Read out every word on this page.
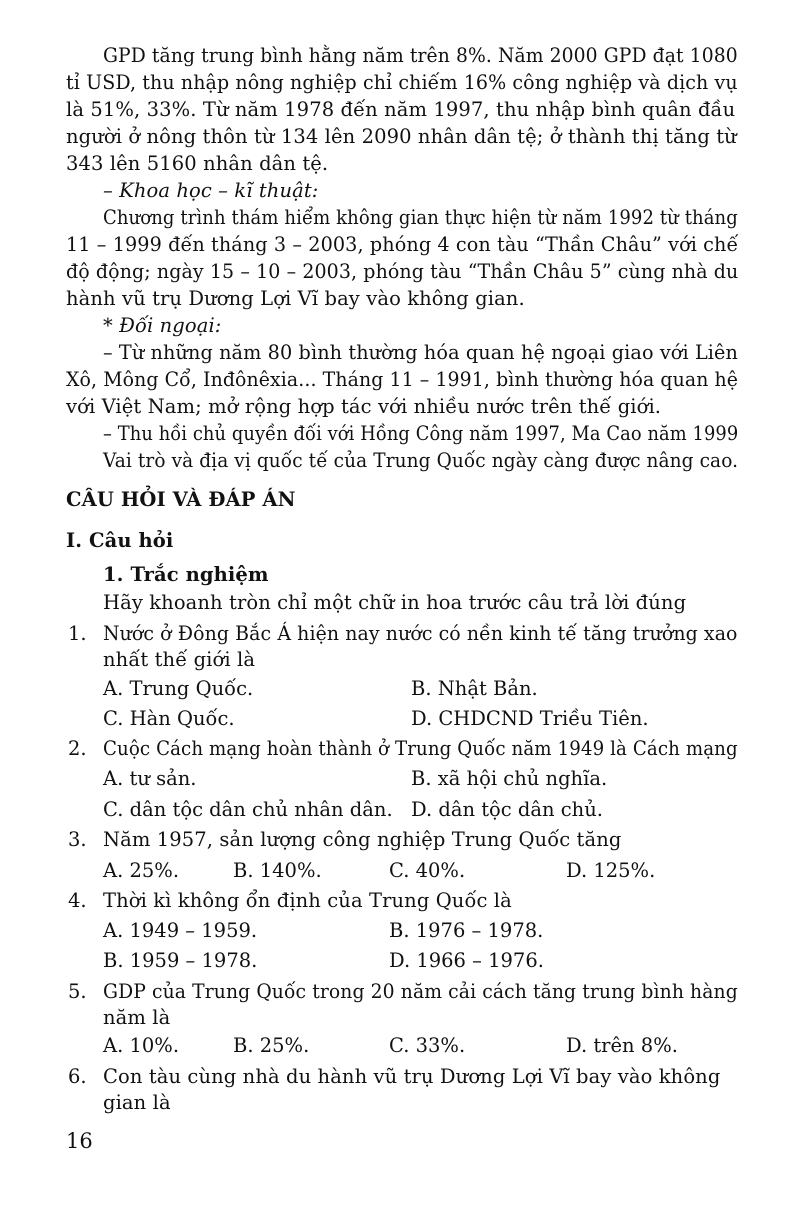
GPD tăng trung bình hằng năm trên 8%. Năm 2000 GPD đạt 1080
tỉ USD, thu nhập nông nghiệp chỉ chiếm 16% công nghiệp và dịch vụ
là 51%, 33%. Từ năm 1978 đến năm 1997, thu nhập bình quân đầu
người ở nông thôn từ 134 lên 2090 nhân dân tệ; ở thành thị tăng từ
343 lên 5160 nhân dân tệ.
– Khoa học – kĩ thuật:
Chương trình thám hiểm không gian thực hiện từ năm 1992 từ tháng
11 – 1999 đến tháng 3 – 2003, phóng 4 con tàu “Thần Châu” với chế
độ động; ngày 15 – 10 – 2003, phóng tàu “Thần Châu 5” cùng nhà du
hành vũ trụ Dương Lợi Vĩ bay vào không gian.
* Đối ngoại:
– Từ những năm 80 bình thường hóa quan hệ ngoại giao với Liên
Xô, Mông Cổ, Inđônêxia... Tháng 11 – 1991, bình thường hóa quan hệ
với Việt Nam; mở rộng hợp tác với nhiều nước trên thế giới.
– Thu hồi chủ quyền đối với Hồng Công năm 1997, Ma Cao năm 1999
Vai trò và địa vị quốc tế của Trung Quốc ngày càng được nâng cao.
CÂU HỎI VÀ ĐÁP ÁN
I. Câu hỏi
1. Trắc nghiệm
Hãy khoanh tròn chỉ một chữ in hoa trước câu trả lời đúng
1. Nước ở Đông Bắc Á hiện nay nước có nền kinh tế tăng trưởng xao
nhất thế giới là
A. Trung Quốc.	B. Nhật Bản.
C. Hàn Quốc.	D. CHDCND Triều Tiên.
2. Cuộc Cách mạng hoàn thành ở Trung Quốc năm 1949 là Cách mạng
A. tư sản.	B. xã hội chủ nghĩa.
C. dân tộc dân chủ nhân dân. D. dân tộc dân chủ.
3. Năm 1957, sản lượng công nghiệp Trung Quốc tăng
A. 25%.	B. 140%.	C. 40%.	D. 125%.
4. Thời kì không ổn định của Trung Quốc là
A. 1949 – 1959.	B. 1976 – 1978.
B. 1959 – 1978.	D. 1966 – 1976.
5. GDP của Trung Quốc trong 20 năm cải cách tăng trung bình hàng
năm là
A. 10%.	B. 25%.	C. 33%.	D. trên 8%.
6. Con tàu cùng nhà du hành vũ trụ Dương Lợi Vĩ bay vào không
gian là
16
